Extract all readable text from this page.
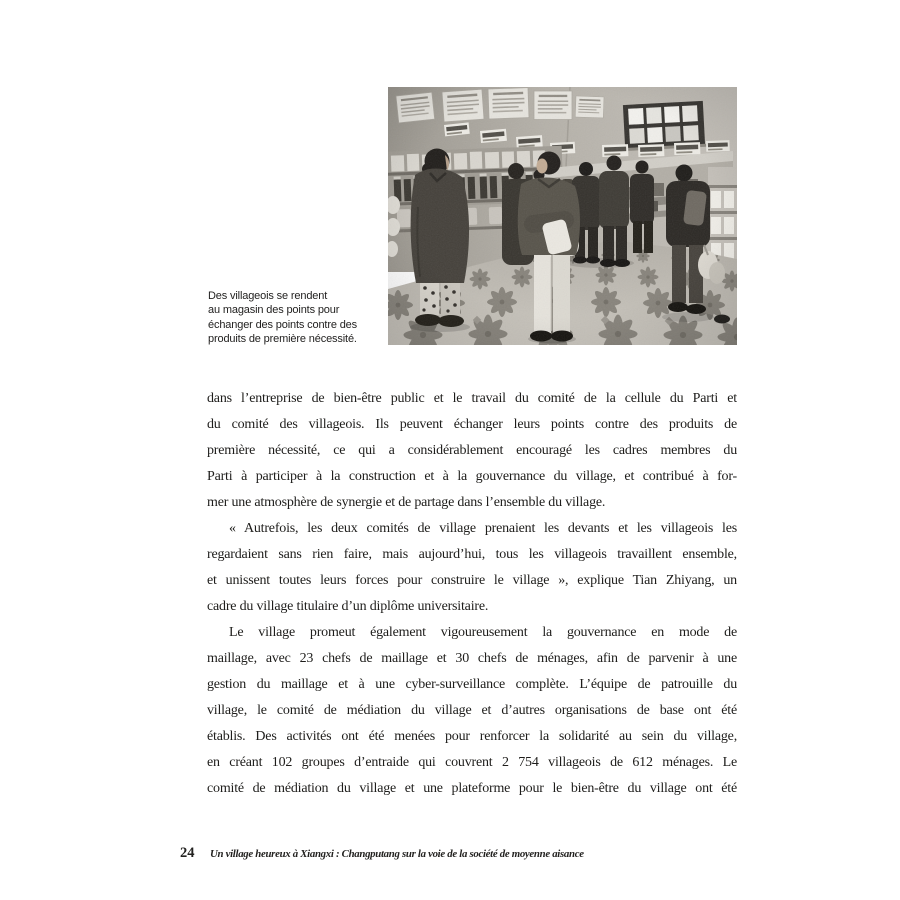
Des villageois se rendent
au magasin des points pour
échanger des points contre des
produits de première nécessité.
dans l’entreprise de bien-être public et le travail du comité de la cellule du Parti et
du comité des villageois. Ils peuvent échanger leurs points contre des produits de
première nécessité, ce qui a considérablement encouragé les cadres membres du
Parti à participer à la construction et à la gouvernance du village, et contribué à for-
mer une atmosphère de synergie et de partage dans l’ensemble du village.
« Autrefois, les deux comités de village prenaient les devants et les villageois les
regardaient sans rien faire, mais aujourd’hui, tous les villageois travaillent ensemble,
et unissent toutes leurs forces pour construire le village », explique Tian Zhiyang, un
cadre du village titulaire d’un diplôme universitaire.
Le village promeut également vigoureusement la gouvernance en mode de
maillage, avec 23 chefs de maillage et 30 chefs de ménages, afin de parvenir à une
gestion du maillage et à une cyber-surveillance complète. L’équipe de patrouille du
village, le comité de médiation du village et d’autres organisations de base ont été
établis. Des activités ont été menées pour renforcer la solidarité au sein du village,
en créant 102 groupes d’entraide qui couvrent 2 754 villageois de 612 ménages. Le
comité de médiation du village et une plateforme pour le bien-être du village ont été
24	Un village heureux à Xiangxi : Changputang sur la voie de la société de moyenne aisance
